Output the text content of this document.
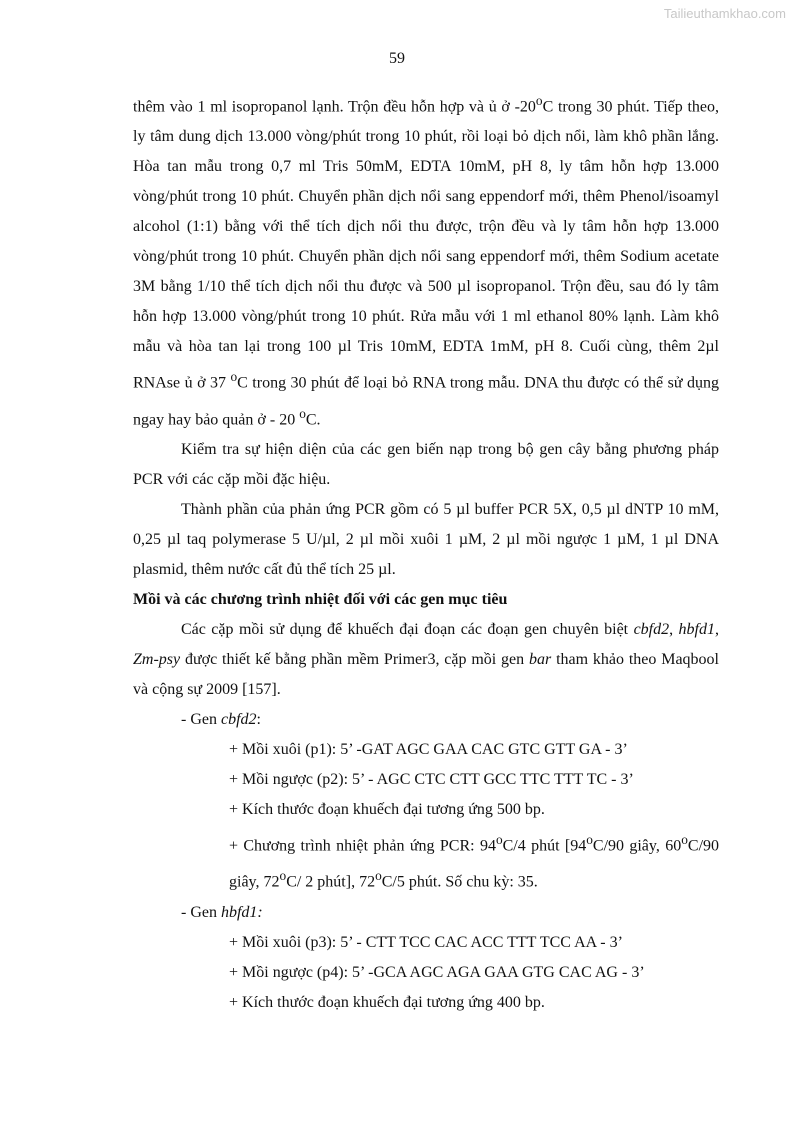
Tailieuthamkhao.com
59

thêm vào 1 ml isopropanol lạnh. Trộn đều hỗn hợp và ủ ở -20$^o$C trong 30 phút. Tiếp theo, ly tâm dung dịch 13.000 vòng/phút trong 10 phút, rồi loại bỏ dịch nổi, làm khô phần lắng. Hòa tan mẫu trong 0,7 ml Tris 50mM, EDTA 10mM, pH 8, ly tâm hỗn hợp 13.000 vòng/phút trong 10 phút. Chuyển phần dịch nổi sang eppendorf mới, thêm Phenol/isoamyl alcohol (1:1) bằng với thể tích dịch nổi thu được, trộn đều và ly tâm hỗn hợp 13.000 vòng/phút trong 10 phút. Chuyển phần dịch nổi sang eppendorf mới, thêm Sodium acetate 3M bằng 1/10 thể tích dịch nổi thu được và 500 µl isopropanol. Trộn đều, sau đó ly tâm hỗn hợp 13.000 vòng/phút trong 10 phút. Rửa mẫu với 1 ml ethanol 80% lạnh. Làm khô mẫu và hòa tan lại trong 100 µl Tris 10mM, EDTA 1mM, pH 8. Cuối cùng, thêm 2µl RNAse ủ ở 37 $^o$C trong 30 phút để loại bỏ RNA trong mẫu. DNA thu được có thể sử dụng ngay hay bảo quản ở - 20 $^o$C.

Kiểm tra sự hiện diện của các gen biến nạp trong bộ gen cây bằng phương pháp PCR với các cặp mồi đặc hiệu.

Thành phần của phản ứng PCR gồm có 5 µl buffer PCR 5X, 0,5 µl dNTP 10 mM, 0,25 µl taq polymerase 5 U/µl, 2 µl mồi xuôi 1 µM, 2 µl mồi ngược 1 µM, 1 µl DNA plasmid, thêm nước cất đủ thể tích 25 µl.

Mồi và các chương trình nhiệt đối với các gen mục tiêu

Các cặp mồi sử dụng để khuếch đại đoạn các đoạn gen chuyên biệt cbfd2, hbfd1, Zm-psy được thiết kế bằng phần mềm Primer3, cặp mồi gen bar tham khảo theo Maqbool và cộng sự 2009 [157].

- Gen cbfd2:

+ Mồi xuôi (p1): 5’ -GAT AGC GAA CAC GTC GTT GA - 3’

+ Mồi ngược (p2): 5’ - AGC CTC CTT GCC TTC TTT TC - 3’

+ Kích thước đoạn khuếch đại tương ứng 500 bp.

+ Chương trình nhiệt phản ứng PCR: 94$^o$C/4 phút [94$^o$C/90 giây, 60$^o$C/90 giây, 72$^o$C/ 2 phút], 72$^o$C/5 phút. Số chu kỳ: 35.

- Gen hbfd1:

+ Mồi xuôi (p3): 5’ - CTT TCC CAC ACC TTT TCC AA - 3’

+ Mồi ngược (p4): 5’ -GCA AGC AGA GAA GTG CAC AG - 3’

+ Kích thước đoạn khuếch đại tương ứng 400 bp.
